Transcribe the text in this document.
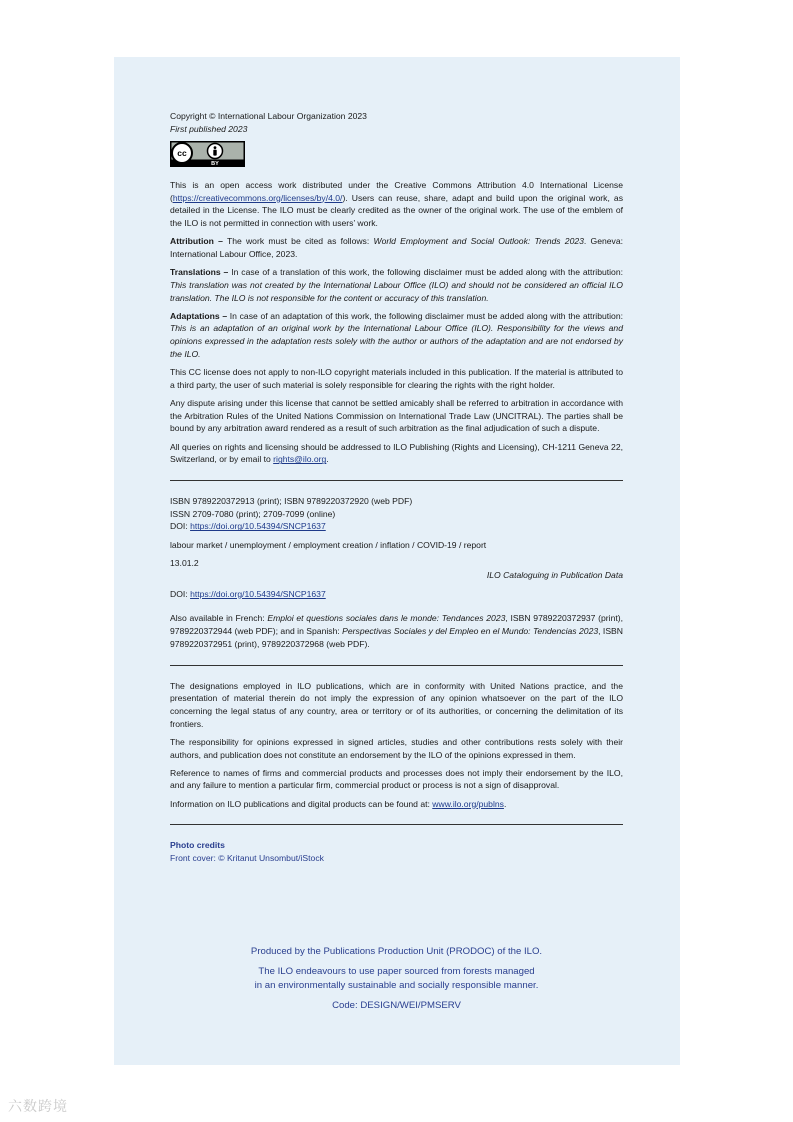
Copyright © International Labour Organization 2023

First published 2023

cc
BY

This is an open access work distributed under the Creative Commons Attribution 4.0 International License (https://creativecommons.org/licenses/by/4.0/). Users can reuse, share, adapt and build upon the original work, as detailed in the License. The ILO must be clearly credited as the owner of the original work. The use of the emblem of the ILO is not permitted in connection with users’ work.

Attribution – The work must be cited as follows: World Employment and Social Outlook: Trends 2023. Geneva: International Labour Office, 2023.

Translations – In case of a translation of this work, the following disclaimer must be added along with the attribution: This translation was not created by the International Labour Office (ILO) and should not be considered an official ILO translation. The ILO is not responsible for the content or accuracy of this translation.

Adaptations – In case of an adaptation of this work, the following disclaimer must be added along with the attribution: This is an adaptation of an original work by the International Labour Office (ILO). Responsibility for the views and opinions expressed in the adaptation rests solely with the author or authors of the adaptation and are not endorsed by the ILO.

This CC license does not apply to non-ILO copyright materials included in this publication. If the material is attributed to a third party, the user of such material is solely responsible for clearing the rights with the right holder.

Any dispute arising under this license that cannot be settled amicably shall be referred to arbitration in accordance with the Arbitration Rules of the United Nations Commission on International Trade Law (UNCITRAL). The parties shall be bound by any arbitration award rendered as a result of such arbitration as the final adjudication of such a dispute.

All queries on rights and licensing should be addressed to ILO Publishing (Rights and Licensing), CH-1211 Geneva 22, Switzerland, or by email to rights@ilo.org.

ISBN 9789220372913 (print); ISBN 9789220372920 (web PDF)

ISSN 2709-7080 (print); 2709-7099 (online)

DOI: https://doi.org/10.54394/SNCP1637

labour market / unemployment / employment creation / inflation / COVID-19 / report

13.01.2

ILO Cataloguing in Publication Data

DOI: https://doi.org/10.54394/SNCP1637

Also available in French: Emploi et questions sociales dans le monde: Tendances 2023, ISBN 9789220372937 (print), 9789220372944 (web PDF); and in Spanish: Perspectivas Sociales y del Empleo en el Mundo: Tendencias 2023, ISBN 9789220372951 (print), 9789220372968 (web PDF).

The designations employed in ILO publications, which are in conformity with United Nations practice, and the presentation of material therein do not imply the expression of any opinion whatsoever on the part of the ILO concerning the legal status of any country, area or territory or of its authorities, or concerning the delimitation of its frontiers.

The responsibility for opinions expressed in signed articles, studies and other contributions rests solely with their authors, and publication does not constitute an endorsement by the ILO of the opinions expressed in them.

Reference to names of firms and commercial products and processes does not imply their endorsement by the ILO, and any failure to mention a particular firm, commercial product or process is not a sign of disapproval.

Information on ILO publications and digital products can be found at: www.ilo.org/publns.

Photo credits

Front cover: © Kritanut Unsombut/iStock

Produced by the Publications Production Unit (PRODOC) of the ILO.

The ILO endeavours to use paper sourced from forests managed
in an environmentally sustainable and socially responsible manner.

Code: DESIGN/WEI/PMSERV

六数跨境
